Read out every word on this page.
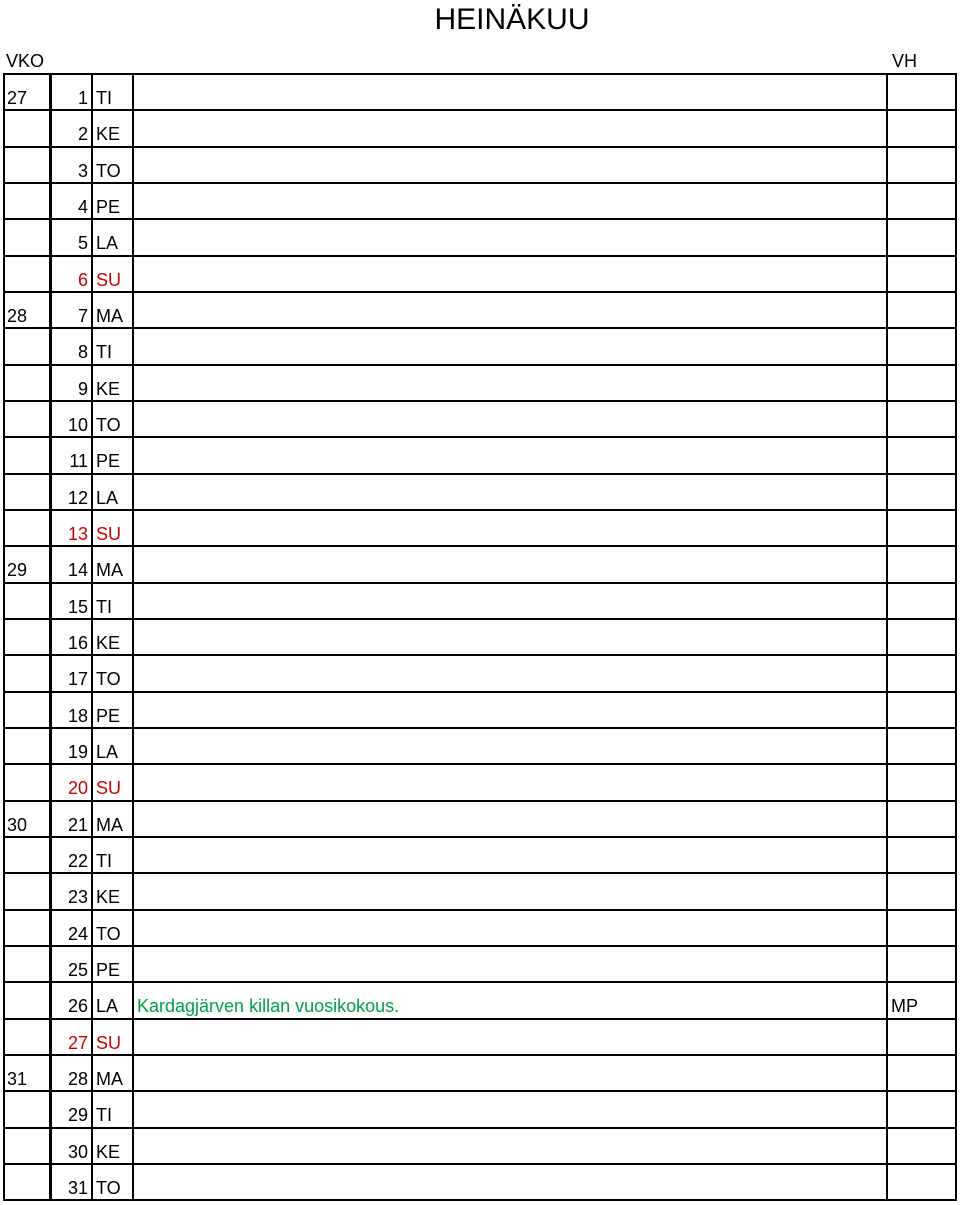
HEINÄKUU
VKO	VH
27
28
29
30
31
1 TI
2 KE
3 TO
4 PE
5 LA
6 SU
7 MA
8 TI
9 KE
10 TO
11 PE
12 LA
13 SU
14 MA
15 TI
16 KE
17 TO
18 PE
19 LA
20 SU
21 MA
22 TI
23 KE
24 TO
25 PE
26 LA Kardagjärven killan vuosikokous.	MP
27 SU
28 MA
29 TI
30 KE
31 TO
